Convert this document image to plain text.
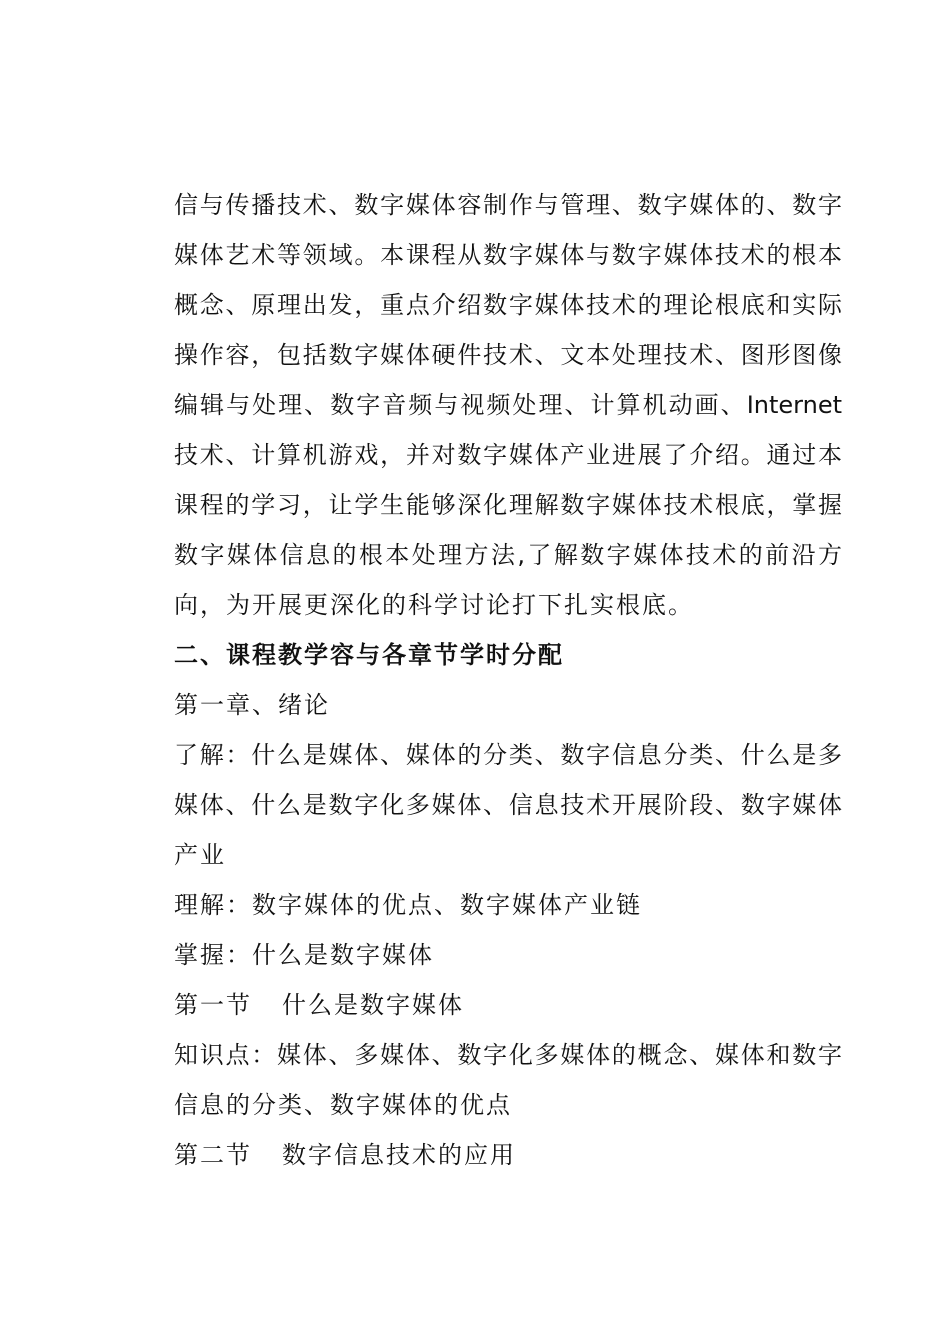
信与传播技术、数字媒体容制作与管理、数字媒体的、数字
媒体艺术等领域。本课程从数字媒体与数字媒体技术的根本
概念、原理出发，重点介绍数字媒体技术的理论根底和实际
操作容，包括数字媒体硬件技术、文本处理技术、图形图像
编辑与处理、数字音频与视频处理、计算机动画、Internet
技术、计算机游戏，并对数字媒体产业进展了介绍。通过本
课程的学习，让学生能够深化理解数字媒体技术根底，掌握
数字媒体信息的根本处理方法,了解数字媒体技术的前沿方
向，为开展更深化的科学讨论打下扎实根底。
二、课程教学容与各章节学时分配
第一章、绪论
了解：什么是媒体、媒体的分类、数字信息分类、什么是多
媒体、什么是数字化多媒体、信息技术开展阶段、数字媒体
产业
理解：数字媒体的优点、数字媒体产业链
掌握：什么是数字媒体
第一节 什么是数字媒体
知识点：媒体、多媒体、数字化多媒体的概念、媒体和数字
信息的分类、数字媒体的优点
第二节 数字信息技术的应用
